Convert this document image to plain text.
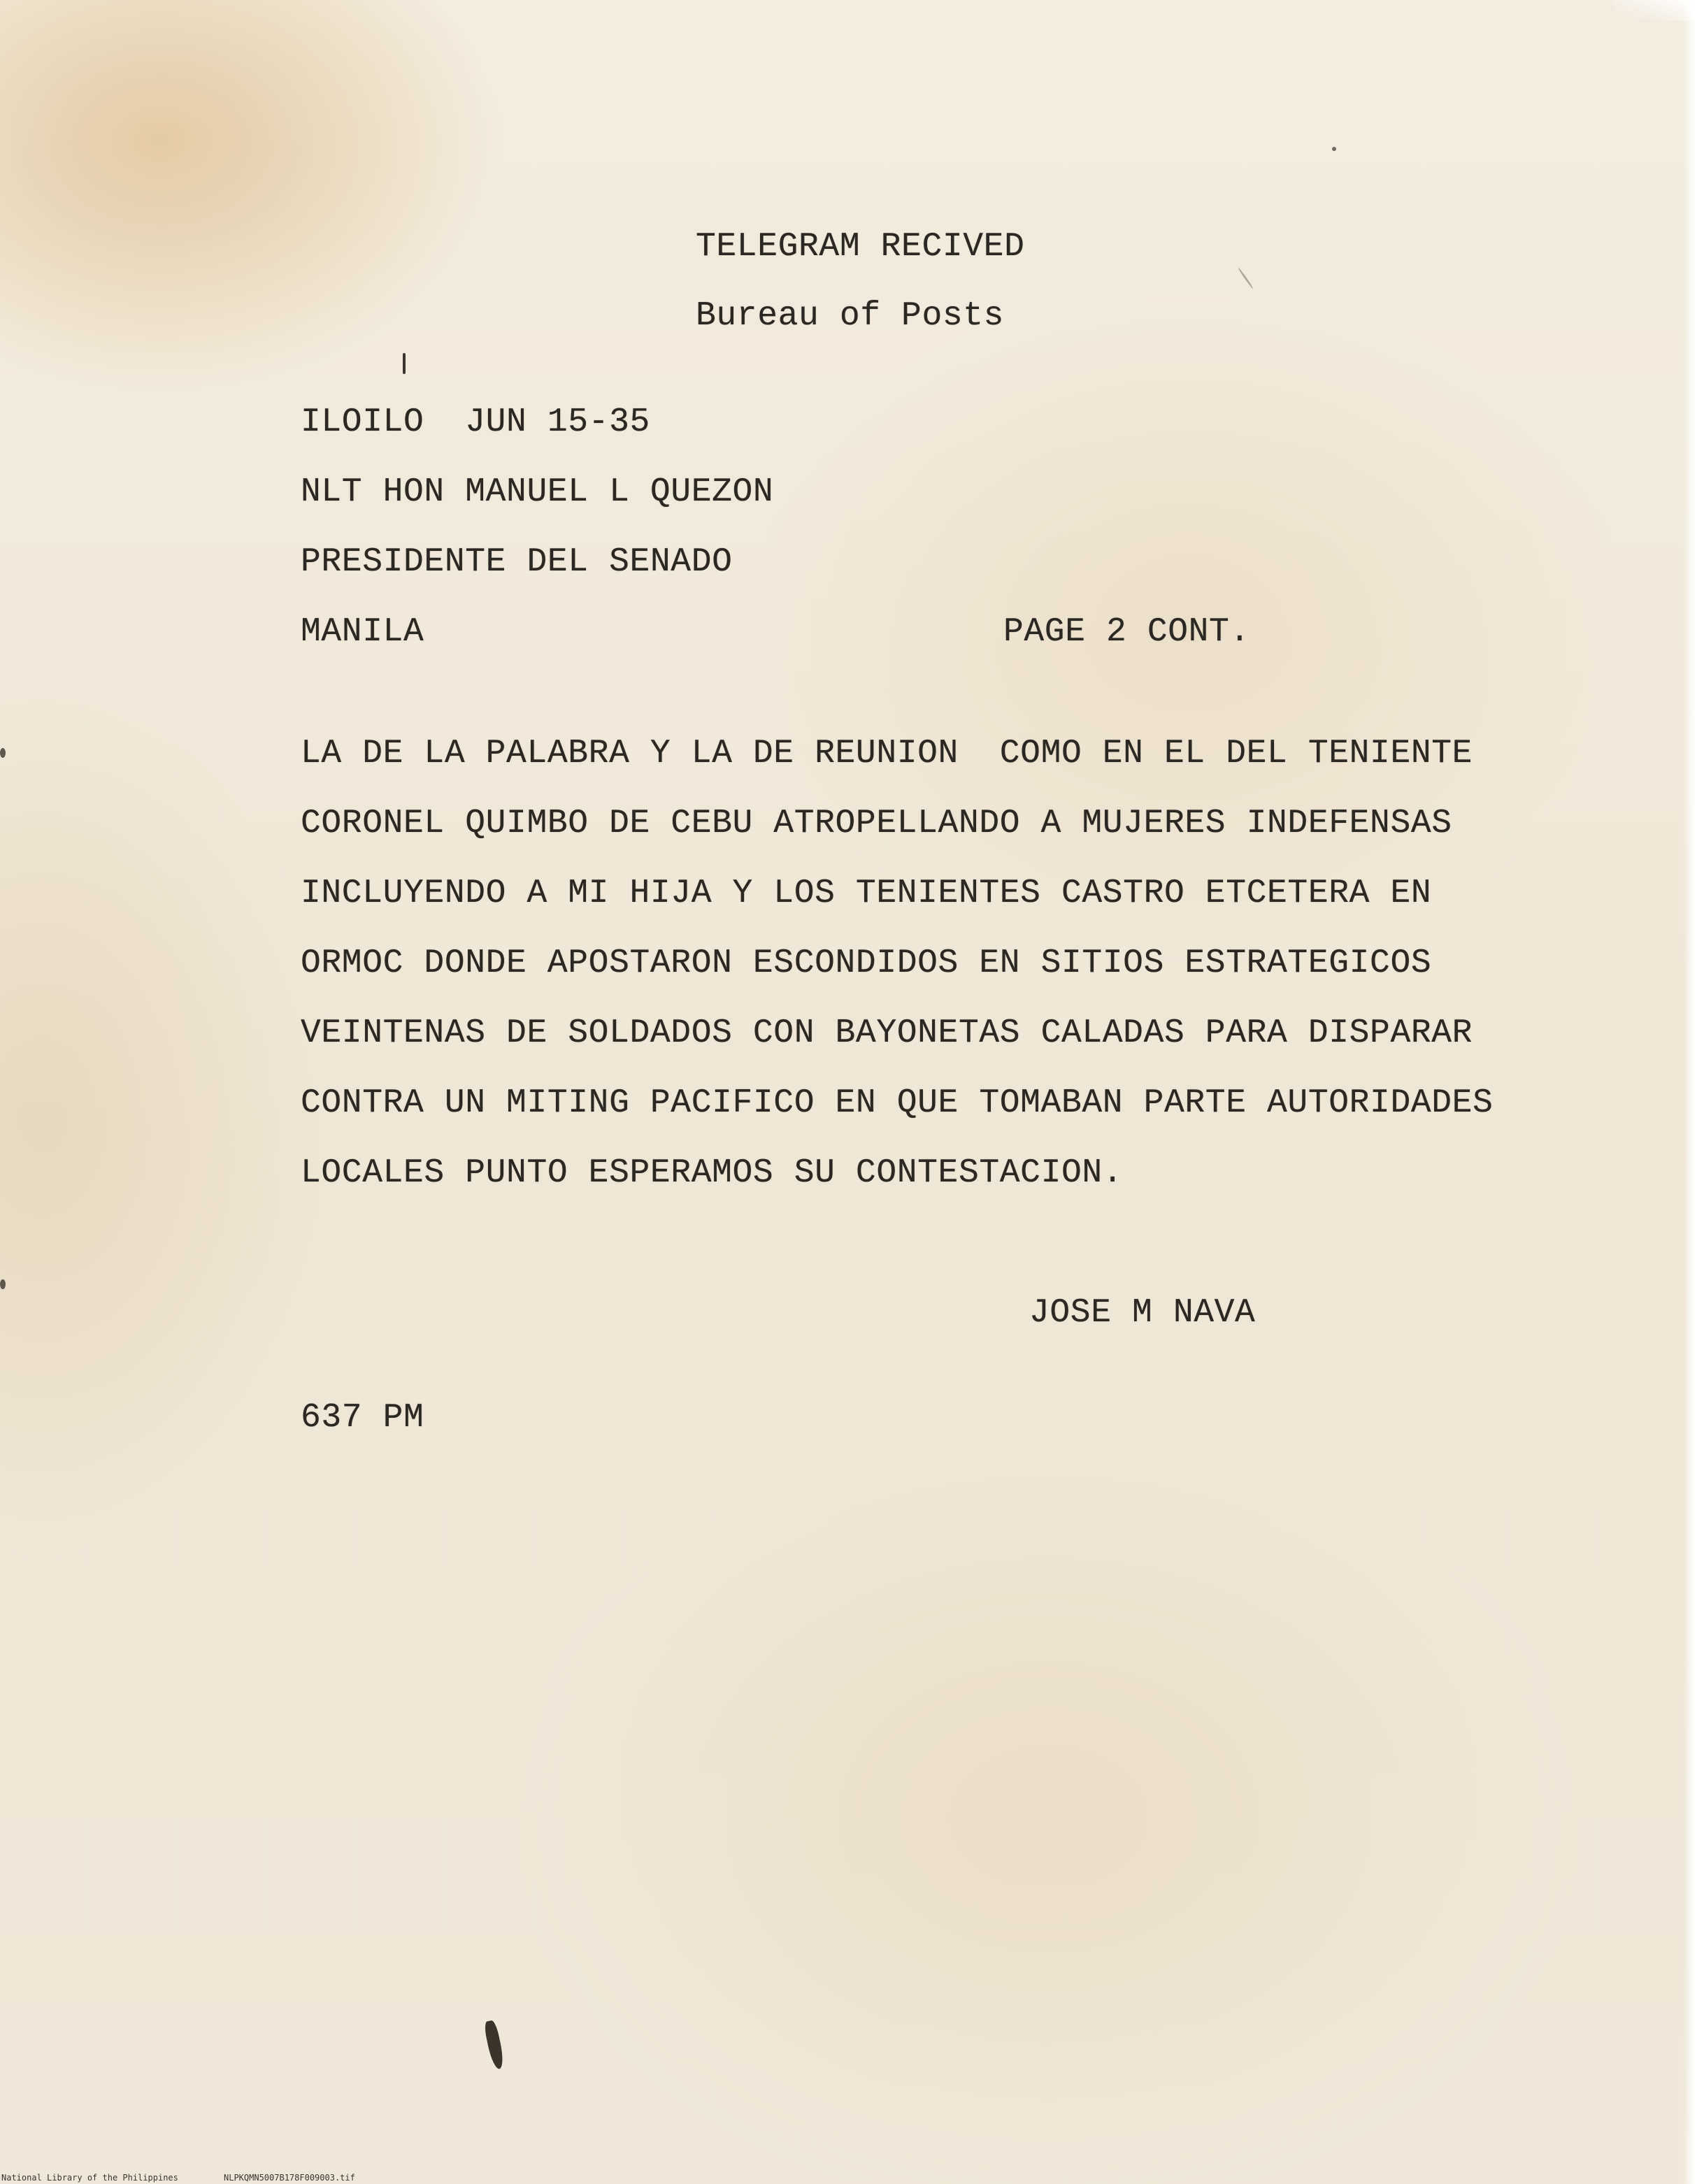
TELEGRAM RECIVED
Bureau of Posts
ILOILO  JUN 15-35
NLT HON MANUEL L QUEZON
PRESIDENTE DEL SENADO
MANILA	PAGE 2 CONT.
LA DE LA PALABRA Y LA DE REUNION  COMO EN EL DEL TENIENTE
CORONEL QUIMBO DE CEBU ATROPELLANDO A MUJERES INDEFENSAS
INCLUYENDO A MI HIJA Y LOS TENIENTES CASTRO ETCETERA EN
ORMOC DONDE APOSTARON ESCONDIDOS EN SITIOS ESTRATEGICOS
VEINTENAS DE SOLDADOS CON BAYONETAS CALADAS PARA DISPARAR
CONTRA UN MITING PACIFICO EN QUE TOMABAN PARTE AUTORIDADES
LOCALES PUNTO ESPERAMOS SU CONTESTACION.
JOSE M NAVA
637 PM
National Library of the Philippines	NLPKQMN5007B178F009003.tif
